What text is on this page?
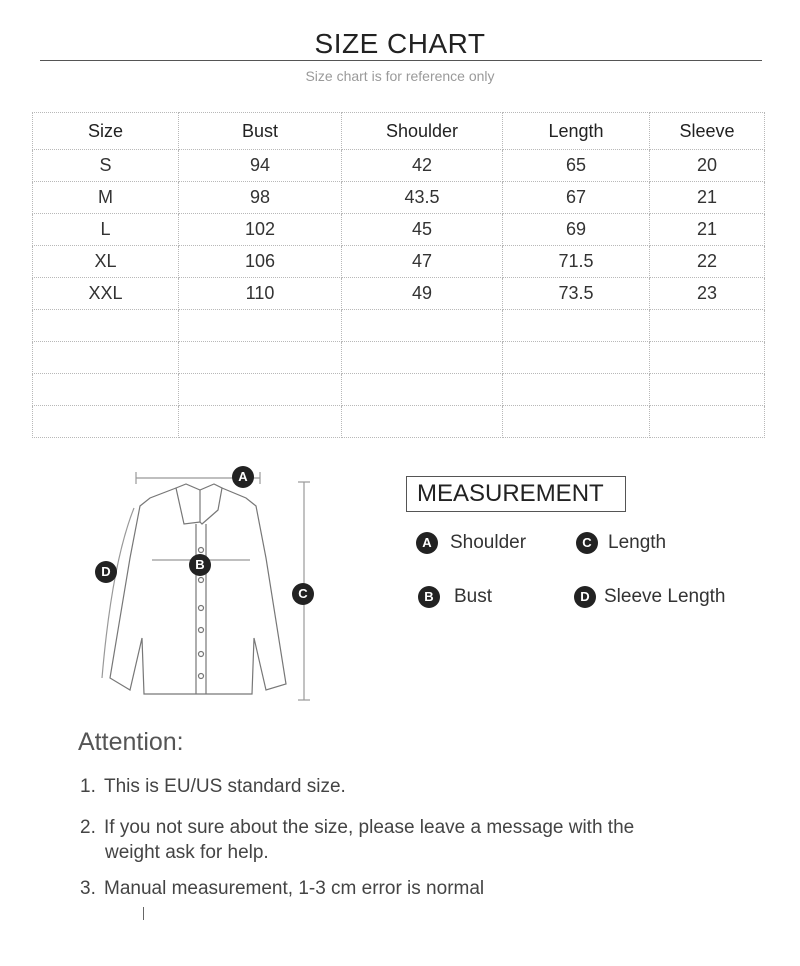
SIZE CHART
Size chart is for reference only
Size	Bust	Shoulder	Length	Sleeve
S	94	42	65	20
M	98	43.5	67	21
L	102	45	69	21
XL	106	47	71.5	22
XXL	110	49	73.5	23

A
B
C
D
MEASUREMENT
A Shoulder	C Length
B	Bust	D Sleeve Length
Attention:
1. This is EU/US standard size.
2. If you not sure about the size, please leave a message with the
weight ask for help.
3. Manual measurement, 1-3 cm error is normal
